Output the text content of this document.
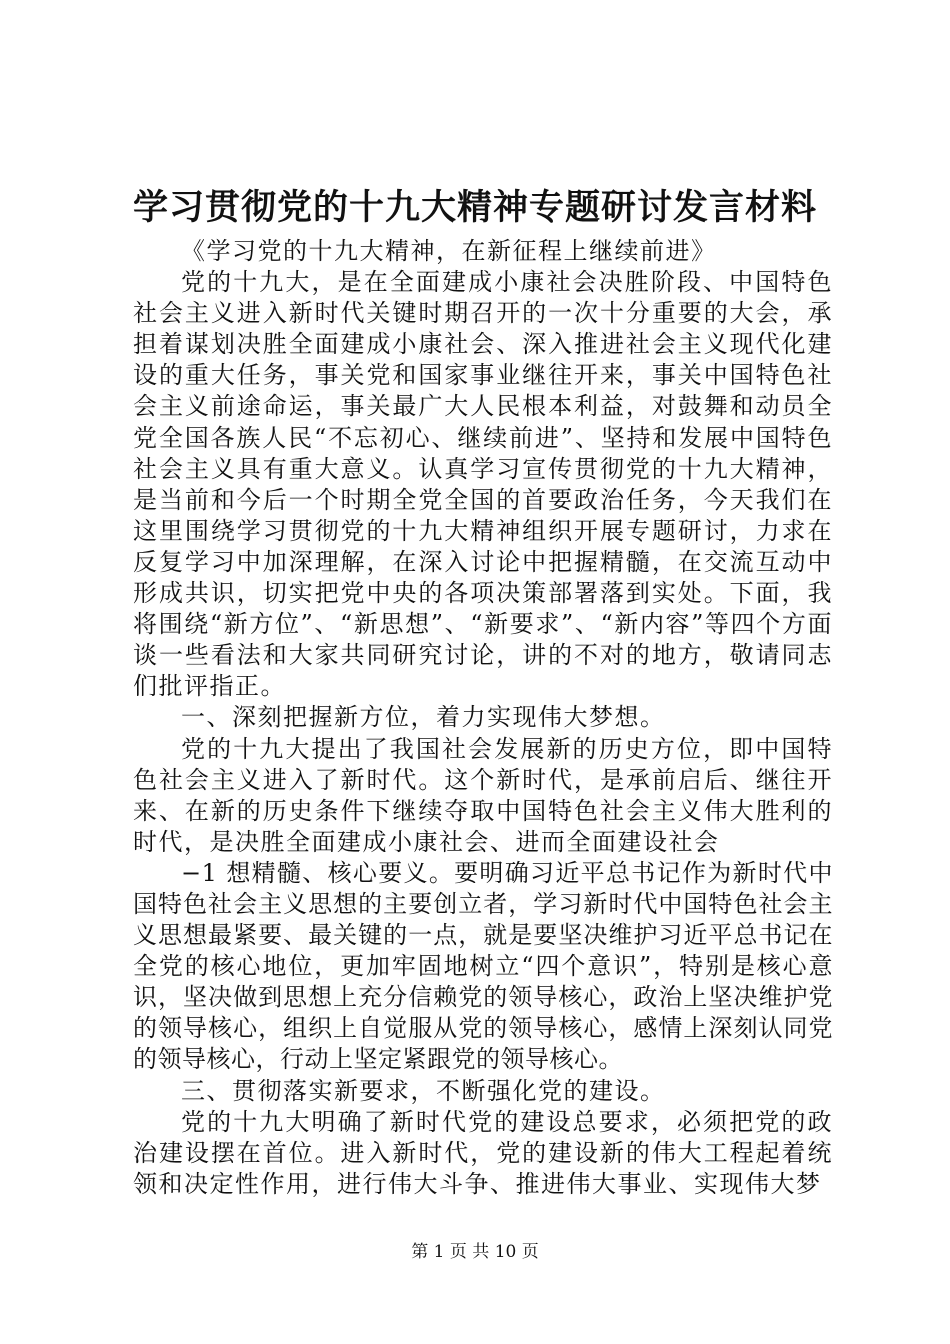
学习贯彻党的十九大精神专题研讨发言材料

《学习党的十九大精神，在新征程上继续前进》

党的十九大，是在全面建成小康社会决胜阶段、中国特色社会主义进入新时代关键时期召开的一次十分重要的大会，承担着谋划决胜全面建成小康社会、深入推进社会主义现代化建设的重大任务，事关党和国家事业继往开来，事关中国特色社会主义前途命运，事关最广大人民根本利益，对鼓舞和动员全党全国各族人民“不忘初心、继续前进”、坚持和发展中国特色社会主义具有重大意义。认真学习宣传贯彻党的十九大精神，是当前和今后一个时期全党全国的首要政治任务，今天我们在这里围绕学习贯彻党的十九大精神组织开展专题研讨，力求在反复学习中加深理解，在深入讨论中把握精髓，在交流互动中形成共识，切实把党中央的各项决策部署落到实处。下面，我将围绕“新方位”、“新思想”、“新要求”、“新内容”等四个方面谈一些看法和大家共同研究讨论，讲的不对的地方，敬请同志们批评指正。

一、深刻把握新方位，着力实现伟大梦想。

党的十九大提出了我国社会发展新的历史方位，即中国特色社会主义进入了新时代。这个新时代，是承前启后、继往开来、在新的历史条件下继续夺取中国特色社会主义伟大胜利的时代，是决胜全面建成小康社会、进而全面建设社会

−1 想精髓、核心要义。要明确习近平总书记作为新时代中国特色社会主义思想的主要创立者，学习新时代中国特色社会主义思想最紧要、最关键的一点，就是要坚决维护习近平总书记在全党的核心地位，更加牢固地树立“四个意识”，特别是核心意识，坚决做到思想上充分信赖党的领导核心，政治上坚决维护党的领导核心，组织上自觉服从党的领导核心，感情上深刻认同党的领导核心，行动上坚定紧跟党的领导核心。

三、贯彻落实新要求，不断强化党的建设。

党的十九大明确了新时代党的建设总要求，必须把党的政治建设摆在首位。进入新时代，党的建设新的伟大工程起着统领和决定性作用，进行伟大斗争、推进伟大事业、实现伟大梦

第 1 页 共 10 页
